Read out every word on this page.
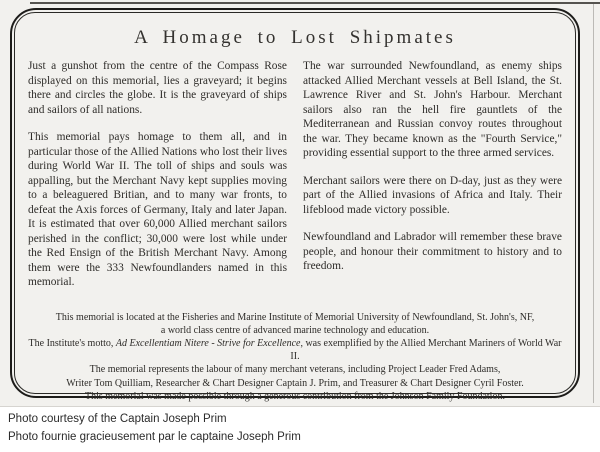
A Homage to Lost Shipmates

Just a gunshot from the centre of the Compass Rose displayed on this memorial, lies a graveyard; it begins there and circles the globe. It is the graveyard of ships and sailors of all nations.

This memorial pays homage to them all, and in particular those of the Allied Nations who lost their lives during World War II. The toll of ships and souls was appalling, but the Merchant Navy kept supplies moving to a beleaguered Britian, and to many war fronts, to defeat the Axis forces of Germany, Italy and later Japan. It is estimated that over 60,000 Allied merchant sailors perished in the conflict; 30,000 were lost while under the Red Ensign of the British Merchant Navy. Among them were the 333 Newfoundlanders named in this memorial.

The war surrounded Newfoundland, as enemy ships attacked Allied Merchant vessels at Bell Island, the St. Lawrence River and St. John's Harbour. Merchant sailors also ran the hell fire gauntlets of the Mediterranean and Russian convoy routes throughout the war. They became known as the "Fourth Service," providing essential support to the three armed services.

Merchant sailors were there on D-day, just as they were part of the Allied invasions of Africa and Italy. Their lifeblood made victory possible.

Newfoundland and Labrador will remember these brave people, and honour their commitment to history and to freedom.

This memorial is located at the Fisheries and Marine Institute of Memorial University of Newfoundland, St. John's, NF,
a world class centre of advanced marine technology and education.
The Institute's motto, Ad Excellentiam Nitere - Strive for Excellence, was exemplified by the Allied Merchant Mariners of World War II.
The memorial represents the labour of many merchant veterans, including Project Leader Fred Adams,
Writer Tom Quilliam, Researcher & Chart Designer Captain J. Prim, and Treasurer & Chart Designer Cyril Foster.
This memorial was made possible through a generous contribution from the Johnson Family Foundation.
Photo courtesy of the Captain Joseph Prim
Photo fournie gracieusement par le captaine Joseph Prim
